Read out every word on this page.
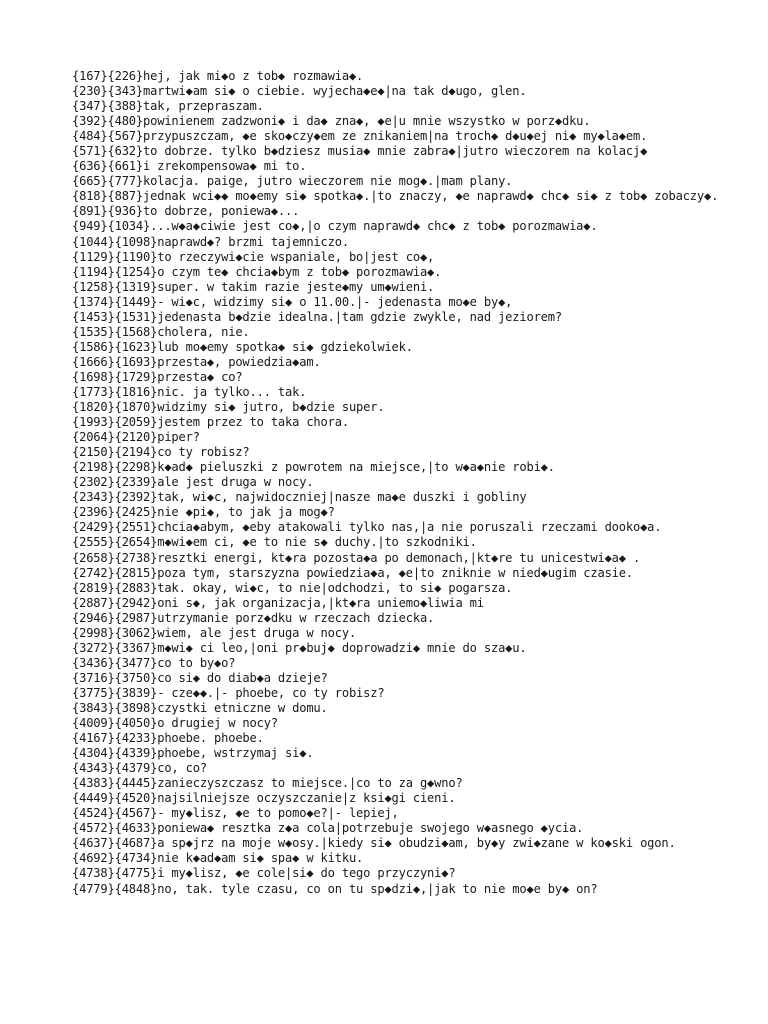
{167}{226}hej, jak mi◆o z tob◆ rozmawia◆.
{230}{343}martwi◆am si◆ o ciebie. wyjecha◆e◆|na tak d◆ugo, glen.
{347}{388}tak, przepraszam.
{392}{480}powinienem zadzwoni◆ i da◆ zna◆, ◆e|u mnie wszystko w porz◆dku.
{484}{567}przypuszczam, ◆e sko◆czy◆em ze znikaniem|na troch◆ d◆u◆ej ni◆ my◆la◆em.
{571}{632}to dobrze. tylko b◆dziesz musia◆ mnie zabra◆|jutro wieczorem na kolacj◆
{636}{661}i zrekompensowa◆ mi to.
{665}{777}kolacja. paige, jutro wieczorem nie mog◆.|mam plany.
{818}{887}jednak wci◆◆ mo◆emy si◆ spotka◆.|to znaczy, ◆e naprawd◆ chc◆ si◆ z tob◆ zobaczy◆.
{891}{936}to dobrze, poniewa◆...
{949}{1034}...w◆a◆ciwie jest co◆,|o czym naprawd◆ chc◆ z tob◆ porozmawia◆.
{1044}{1098}naprawd◆? brzmi tajemniczo.
{1129}{1190}to rzeczywi◆cie wspaniale, bo|jest co◆,
{1194}{1254}o czym te◆ chcia◆bym z tob◆ porozmawia◆.
{1258}{1319}super. w takim razie jeste◆my um◆wieni.
{1374}{1449}- wi◆c, widzimy si◆ o 11.00.|- jedenasta mo◆e by◆,
{1453}{1531}jedenasta b◆dzie idealna.|tam gdzie zwykle, nad jeziorem?
{1535}{1568}cholera, nie.
{1586}{1623}lub mo◆emy spotka◆ si◆ gdziekolwiek.
{1666}{1693}przesta◆, powiedzia◆am.
{1698}{1729}przesta◆ co?
{1773}{1816}nic. ja tylko... tak.
{1820}{1870}widzimy si◆ jutro, b◆dzie super.
{1993}{2059}jestem przez to taka chora.
{2064}{2120}piper?
{2150}{2194}co ty robisz?
{2198}{2298}k◆ad◆ pieluszki z powrotem na miejsce,|to w◆a◆nie robi◆.
{2302}{2339}ale jest druga w nocy.
{2343}{2392}tak, wi◆c, najwidoczniej|nasze ma◆e duszki i gobliny
{2396}{2425}nie ◆pi◆, to jak ja mog◆?
{2429}{2551}chcia◆abym, ◆eby atakowali tylko nas,|a nie poruszali rzeczami dooko◆a.
{2555}{2654}m◆wi◆em ci, ◆e to nie s◆ duchy.|to szkodniki.
{2658}{2738}resztki energi, kt◆ra pozosta◆a po demonach,|kt◆re tu unicestwi◆a◆ .
{2742}{2815}poza tym, starszyzna powiedzia◆a, ◆e|to zniknie w nied◆ugim czasie.
{2819}{2883}tak. okay, wi◆c, to nie|odchodzi, to si◆ pogarsza.
{2887}{2942}oni s◆, jak organizacja,|kt◆ra uniemo◆liwia mi
{2946}{2987}utrzymanie porz◆dku w rzeczach dziecka.
{2998}{3062}wiem, ale jest druga w nocy.
{3272}{3367}m◆wi◆ ci leo,|oni pr◆buj◆ doprowadzi◆ mnie do sza◆u.
{3436}{3477}co to by◆o?
{3716}{3750}co si◆ do diab◆a dzieje?
{3775}{3839}- cze◆◆.|- phoebe, co ty robisz?
{3843}{3898}czystki etniczne w domu.
{4009}{4050}o drugiej w nocy?
{4167}{4233}phoebe. phoebe.
{4304}{4339}phoebe, wstrzymaj si◆.
{4343}{4379}co, co?
{4383}{4445}zanieczyszczasz to miejsce.|co to za g◆wno?
{4449}{4520}najsilniejsze oczyszczanie|z ksi◆gi cieni.
{4524}{4567}- my◆lisz, ◆e to pomo◆e?|- lepiej,
{4572}{4633}poniewa◆ resztka z◆a cola|potrzebuje swojego w◆asnego ◆ycia.
{4637}{4687}a sp◆jrz na moje w◆osy.|kiedy si◆ obudzi◆am, by◆y zwi◆zane w ko◆ski ogon.
{4692}{4734}nie k◆ad◆am si◆ spa◆ w kitku.
{4738}{4775}i my◆lisz, ◆e cole|si◆ do tego przyczyni◆?
{4779}{4848}no, tak. tyle czasu, co on tu sp◆dzi◆,|jak to nie mo◆e by◆ on?
